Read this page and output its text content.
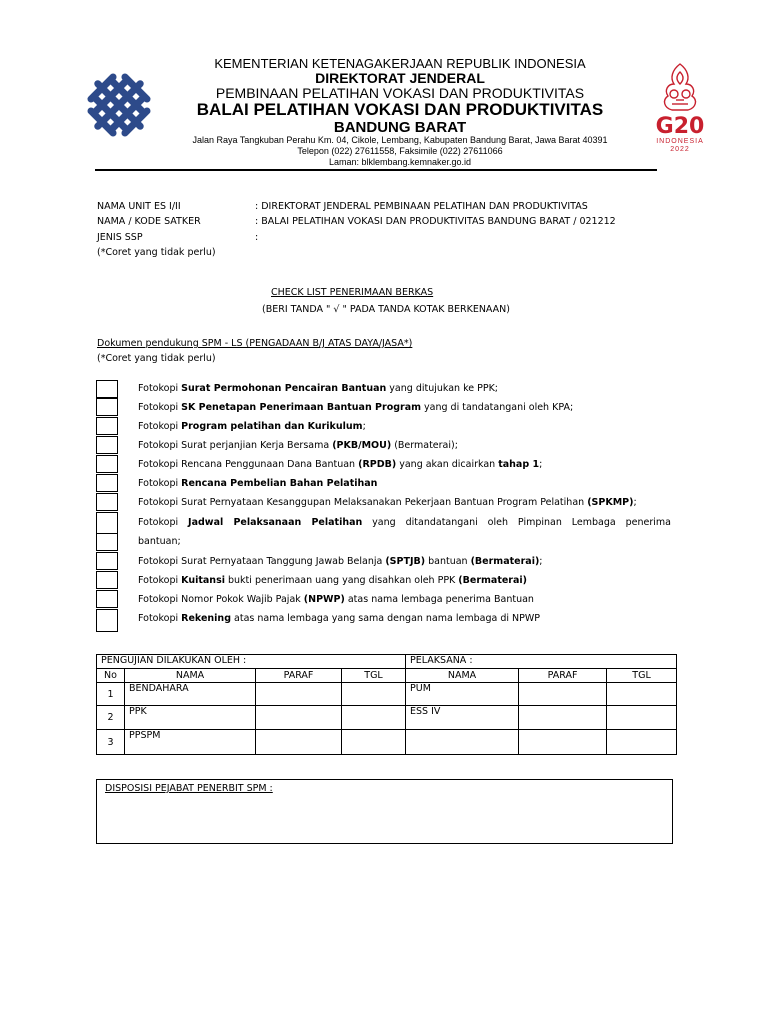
KEMENTERIAN KETENAGAKERJAAN REPUBLIK INDONESIA
DIREKTORAT JENDERAL
PEMBINAAN PELATIHAN VOKASI DAN PRODUKTIVITAS
BALAI PELATIHAN VOKASI DAN PRODUKTIVITAS
BANDUNG BARAT
Jalan Raya Tangkuban Perahu Km. 04, Cikole, Lembang, Kabupaten Bandung Barat, Jawa Barat 40391
Telepon (022) 27611558, Faksimile (022) 27611066
Laman: blklembang.kemnaker.go.id
G20
INDONESIA
2022
NAMA UNIT ES I/II	: DIREKTORAT JENDERAL PEMBINAAN PELATIHAN DAN PRODUKTIVITAS
NAMA / KODE SATKER	: BALAI PELATIHAN VOKASI DAN PRODUKTIVITAS BANDUNG BARAT / 021212
JENIS SSP	:
(*Coret yang tidak perlu)
CHECK LIST PENERIMAAN BERKAS
(BERI TANDA " √ " PADA TANDA KOTAK BERKENAAN)
Dokumen pendukung SPM - LS (PENGADAAN B/J ATAS DAYA/JASA*)
(*Coret yang tidak perlu)
Fotokopi Surat Permohonan Pencairan Bantuan yang ditujukan ke PPK;
Fotokopi SK Penetapan Penerimaan Bantuan Program yang di tandatangani oleh KPA;
Fotokopi Program pelatihan dan Kurikulum;
Fotokopi Surat perjanjian Kerja Bersama (PKB/MOU) (Bermaterai);
Fotokopi Rencana Penggunaan Dana Bantuan (RPDB) yang akan dicairkan tahap 1;
Fotokopi Rencana Pembelian Bahan Pelatihan
Fotokopi Surat Pernyataan Kesanggupan Melaksanakan Pekerjaan Bantuan Program Pelatihan (SPKMP);
Fotokopi Jadwal Pelaksanaan Pelatihan yang ditandatangani oleh Pimpinan Lembaga penerima
bantuan;
Fotokopi Surat Pernyataan Tanggung Jawab Belanja (SPTJB) bantuan (Bermaterai);
Fotokopi Kuitansi bukti penerimaan uang yang disahkan oleh PPK (Bermaterai)
Fotokopi Nomor Pokok Wajib Pajak (NPWP) atas nama lembaga penerima Bantuan
Fotokopi Rekening atas nama lembaga yang sama dengan nama lembaga di NPWP
PENGUJIAN DILAKUKAN OLEH :				PELAKSANA :		
No	NAMA	PARAF	TGL	NAMA	PARAF	TGL
1	BENDAHARA			PUM		
2	PPK			ESS IV		
3	PPSPM					
DISPOSISI PEJABAT PENERBIT SPM :
